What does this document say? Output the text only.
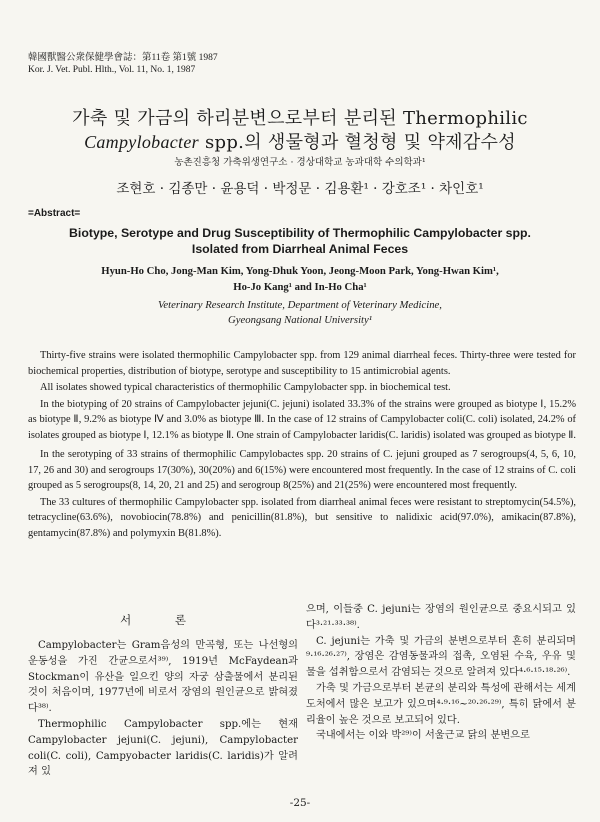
韓國獸醫公衆保健學會誌：第11卷 第1號 1987
Kor. J. Vet. Publ. Hlth., Vol. 11, No. 1, 1987
가축 및 가금의 하리분변으로부터 분리된 Thermophilic
Campylobacter spp.의 생물형과 혈청형 및 약제감수성
농촌진흥청 가축위생연구소 · 경상대학교 농과대학 수의학과¹
조현호 · 김종만 · 윤용덕 · 박정문 · 김용환¹ · 강호조¹ · 차인호¹
=Abstract=
Biotype, Serotype and Drug Susceptibility of Thermophilic Campylobacter spp.
Isolated from Diarrheal Animal Feces
Hyun-Ho Cho, Jong-Man Kim, Yong-Dhuk Yoon, Jeong-Moon Park, Yong-Hwan Kim¹,
Ho-Jo Kang¹ and In-Ho Cha¹
Veterinary Research Institute, Department of Veterinary Medicine,
Gyeongsang National University¹

Thirty-five strains were isolated thermophilic Campylobacter spp. from 129 animal diarrheal feces. Thirty-three were tested for biochemical properties, distribution of biotype, serotype and susceptibility to 15 antimicrobial agents.

All isolates showed typical characteristics of thermophilic Campylobacter spp. in biochemical test.

In the biotyping of 20 strains of Campylobacter jejuni(C. jejuni) isolated 33.3% of the strains were grouped as biotype Ⅰ, 15.2% as biotype Ⅱ, 9.2% as biotype Ⅳ and 3.0% as biotype Ⅲ. In the case of 12 strains of Campylobacter coli(C. coli) isolated, 24.2% of isolates grouped as biotype Ⅰ, 12.1% as biotype Ⅱ. One strain of Campylobacter laridis(C. laridis) isolated was grouped as biotype Ⅱ.

In the serotyping of 33 strains of thermophilic Campylobactes spp. 20 strains of C. jejuni grouped as 7 serogroups(4, 5, 6, 10, 17, 26 and 30) and serogroups 17(30%), 30(20%) and 6(15%) were encountered most frequently. In the case of 12 strains of C. coli grouped as 5 serogroups(8, 14, 20, 21 and 25) and serogroup 8(25%) and 21(25%) were encountered most frequently.

The 33 cultures of thermophilic Campylobacter spp. isolated from diarrheal animal feces were resistant to streptomycin(54.5%), tetracycline(63.6%), novobiocin(78.8%) and penicillin(81.8%), but sensitive to nalidixic acid(97.0%), amikacin(87.8%), gentamycin(87.8%) and polymyxin B(81.8%).

서 론

Campylobacter는 Gram음성의 만곡형, 또는 나선형의 운동성을 가진 간균으로서³⁹⁾, 1919년 McFaydean과 Stockman이 유산을 일으킨 양의 자궁 삼출물에서 분리된 것이 처음이며, 1977년에 비로서 장염의 원인균으로 밝혀졌다³⁸⁾.

Thermophilic Campylobacter spp.에는 현재 Campylobacter jejuni(C. jejuni), Campylobacter coli(C. coli), Campyobacter laridis(C. laridis)가 알려져 있

으며, 이들중 C. jejuni는 장염의 원인균으로 중요시되고 있다³·²¹·³³·³⁸⁾.

C. jejuni는 가축 및 가금의 분변으로부터 흔히 분리되며⁹·¹⁶·²⁶·²⁷⁾, 장염은 감염동물과의 접촉, 오염된 수육, 우유 및 물을 섭취함으로서 감염되는 것으로 알려져 있다⁴·⁶·¹⁵·¹⁸·²⁶⁾.

가축 및 가금으로부터 본균의 분리와 특성에 관해서는 세계 도처에서 많은 보고가 있으며⁴·⁹·¹⁶~²⁰·²⁶·²⁹⁾, 특히 닭에서 분리율이 높은 것으로 보고되어 있다.

국내에서는 이와 박²⁹⁾이 서울근교 닭의 분변으로

-25-
